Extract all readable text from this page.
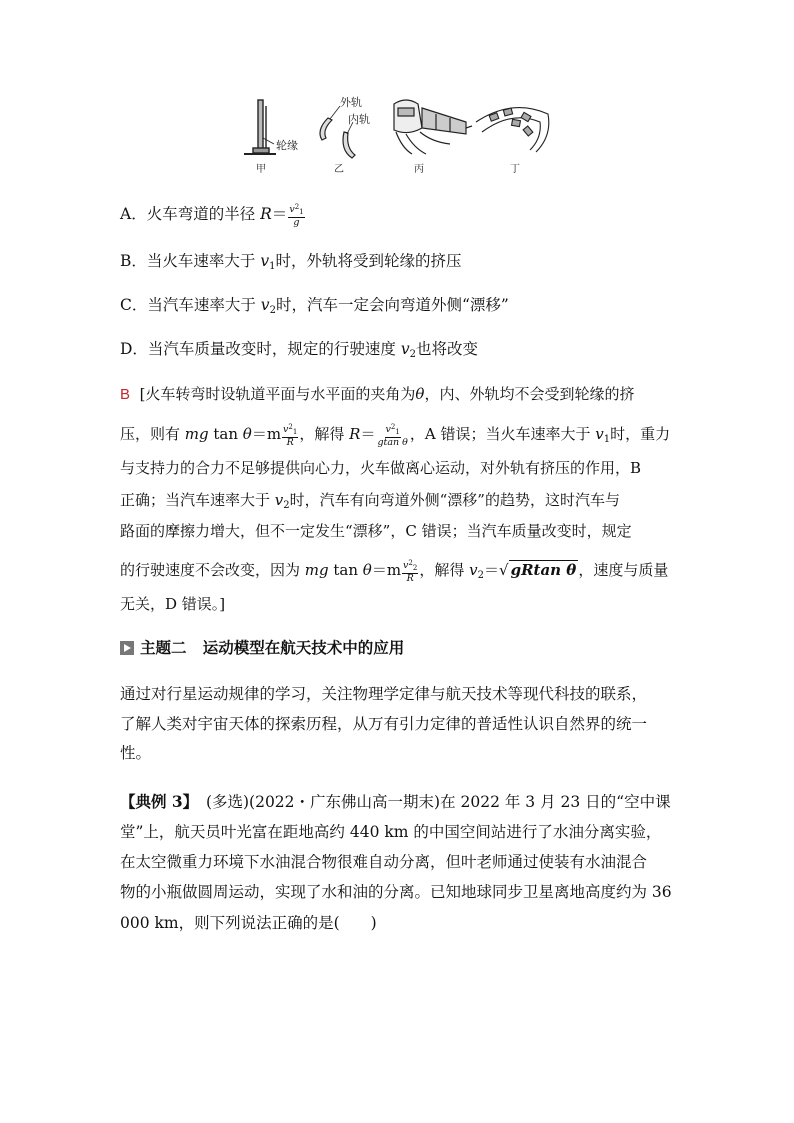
轮缘
甲
外轨
内轨
乙	丙	丁
A．火车弯道的半径 $R= \frac{v^2_1}{g}$
B．当火车速率大于 $v_1$时，外轨将受到轮缘的挤压
C．当汽车速率大于 $v_2$时，汽车一定会向弯道外侧“漂移”
D．当汽车质量改变时，规定的行驶速度 $v_2$也将改变
B [火车转弯时设轨道平面与水平面的夹角为θ，内、外轨均不会受到轮缘的挤
压，则有 mg $\tan \theta=m \frac{v^2_1}{R}$ ，解得 $R= \frac{v^2_1}{\text{gtan θ}}$ ，A 错误；当火车速率大于 $v_1$时，重力
与支持力的合力不足够提供向心力，火车做离心运动，对外轨有挤压的作用，B
正确；当汽车速率大于 $v_2$时，汽车有向弯道外侧“漂移”的趋势，这时汽车与
路面的摩擦力增大，但不一定发生“漂移”，C 错误；当汽车质量改变时，规定
的行驶速度不会改变，因为 mg $\tan \theta=m \frac{v^2_2}{R}$ ，解得 $v_2=√$ gRtan θ ，速度与质量
无关，D 错误。]
主题二 运动模型在航天技术中的应用
通过对行星运动规律的学习，关注物理学定律与航天技术等现代科技的联系，
了解人类对宇宙天体的探索历程，从万有引力定律的普适性认识自然界的统一
性。
【典例 3】　(多选)(2022・广东佛山高一期末)在 2022 年 3 月 23 日的“空中课
堂”上，航天员叶光富在距地高约 440 km 的中国空间站进行了水油分离实验，
在太空微重力环境下水油混合物很难自动分离，但叶老师通过使装有水油混合
物的小瓶做圆周运动，实现了水和油的分离。已知地球同步卫星离地高度约为 36
000 km，则下列说法正确的是(　　)
